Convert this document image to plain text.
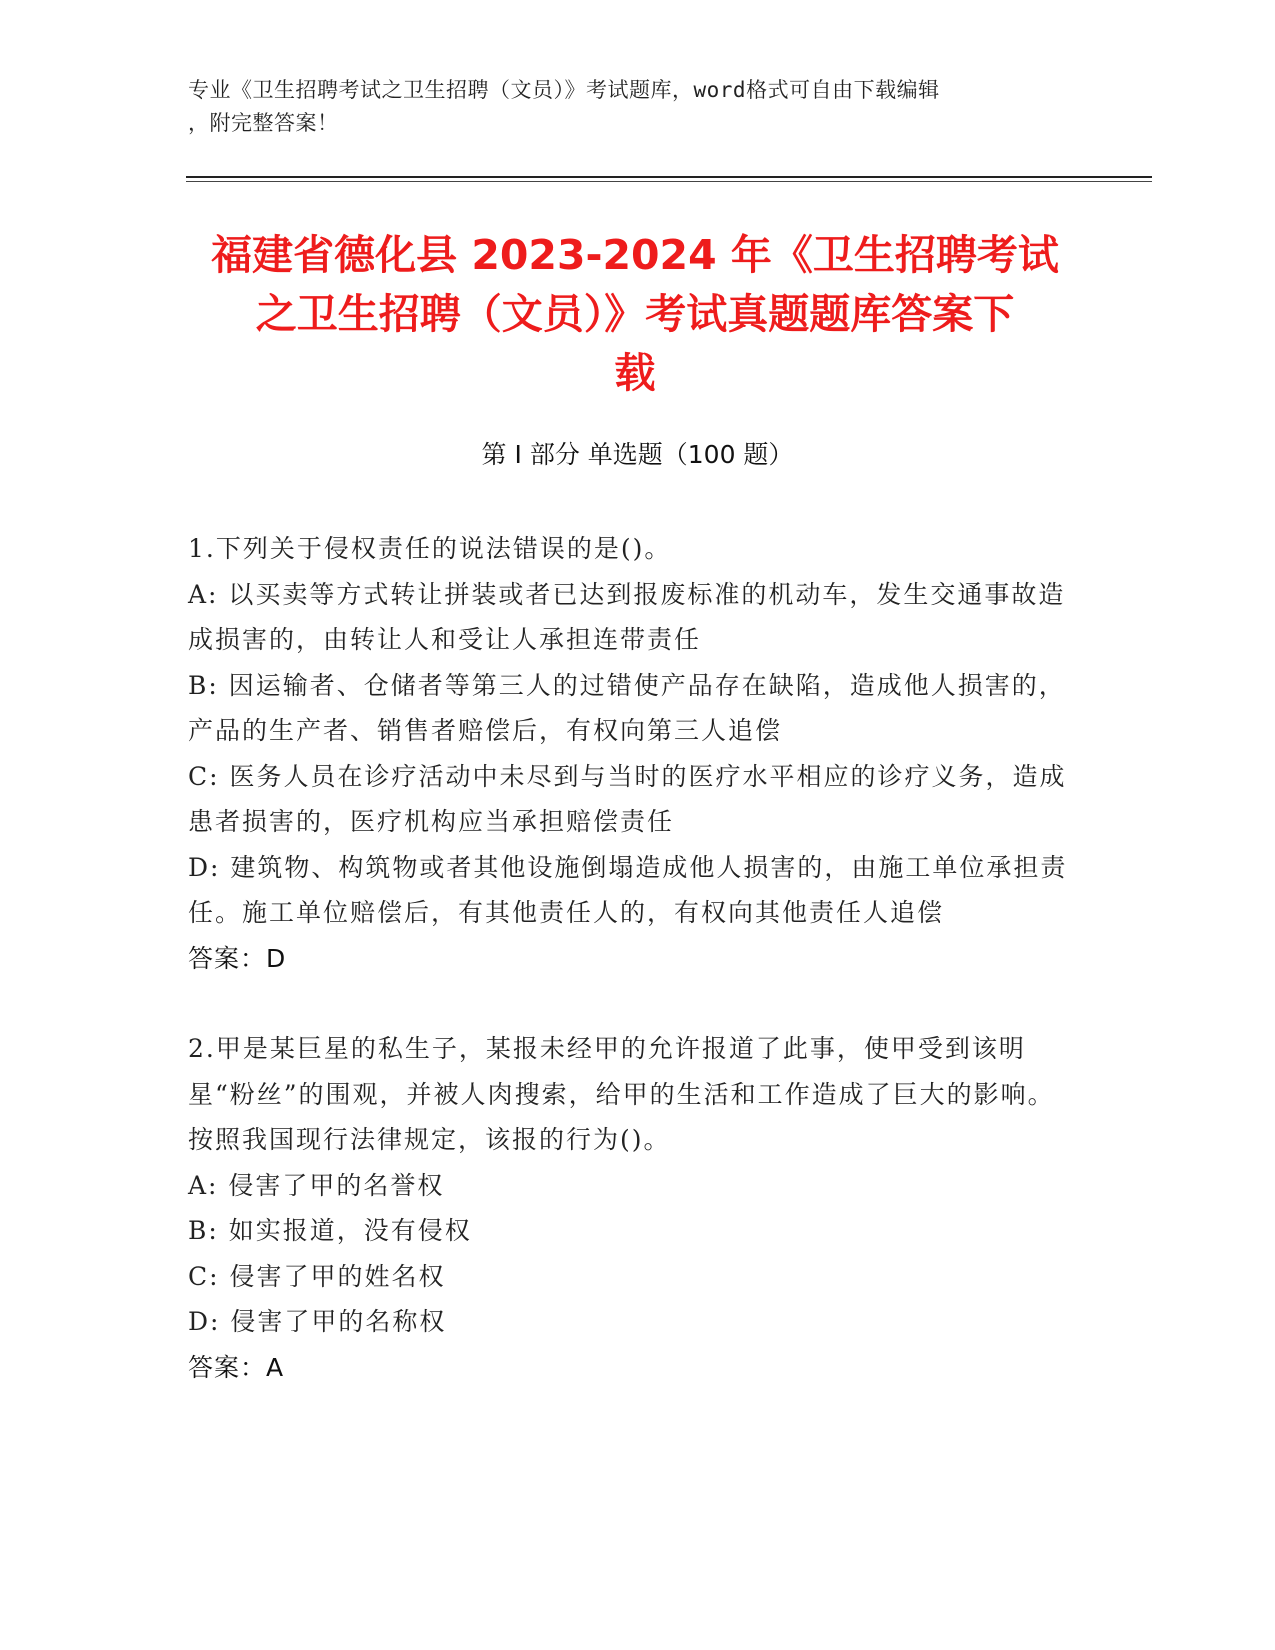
专业《卫生招聘考试之卫生招聘（文员）》考试题库，word格式可自由下载编辑
，附完整答案！
福建省德化县 2023-2024 年《卫生招聘考试
之卫生招聘（文员）》考试真题题库答案下
载
第 I 部分 单选题（100 题）

1.下列关于侵权责任的说法错误的是()。

A: 以买卖等方式转让拼装或者已达到报废标准的机动车，发生交通事故造成损害的，由转让人和受让人承担连带责任

B: 因运输者、仓储者等第三人的过错使产品存在缺陷，造成他人损害的，产品的生产者、销售者赔偿后，有权向第三人追偿

C: 医务人员在诊疗活动中未尽到与当时的医疗水平相应的诊疗义务，造成患者损害的，医疗机构应当承担赔偿责任

D: 建筑物、构筑物或者其他设施倒塌造成他人损害的，由施工单位承担责任。施工单位赔偿后，有其他责任人的，有权向其他责任人追偿

答案：D

2.甲是某巨星的私生子，某报未经甲的允许报道了此事，使甲受到该明星“粉丝”的围观，并被人肉搜索，给甲的生活和工作造成了巨大的影响。按照我国现行法律规定，该报的行为()。

A: 侵害了甲的名誉权

B: 如实报道，没有侵权

C: 侵害了甲的姓名权

D: 侵害了甲的名称权

答案：A
